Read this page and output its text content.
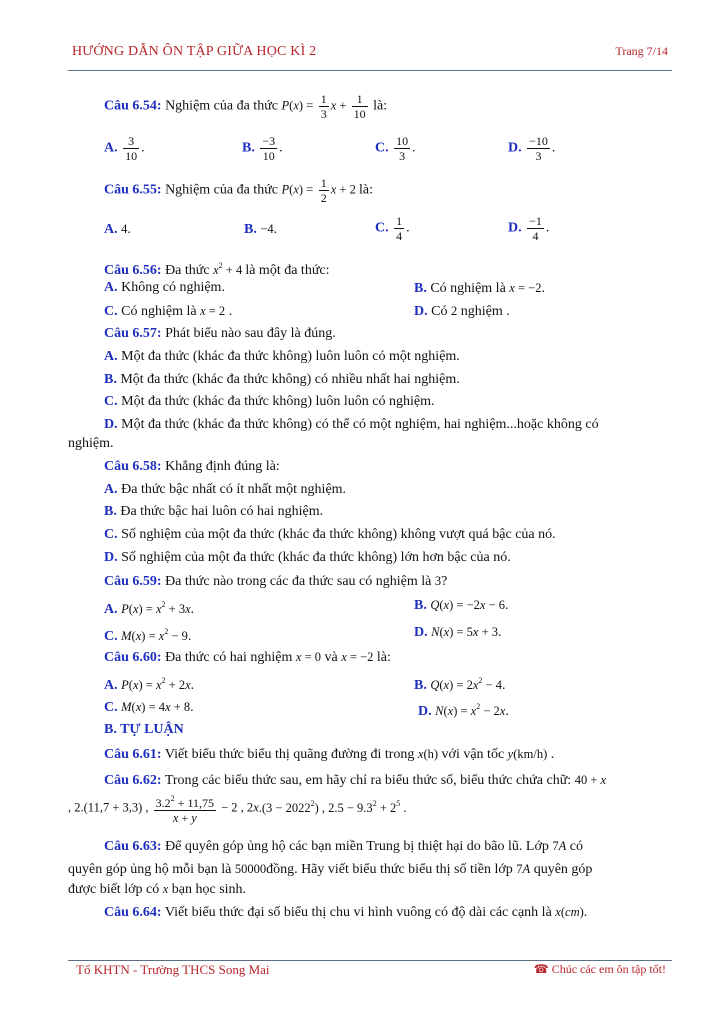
HƯỚNG DẪN ÔN TẬP GIỮA HỌC KÌ 2	Trang 7/14
Câu 6.54: Nghiệm của đa thức $P(x) = \frac{1}{3}$ $x + \frac{1}{10}$ là:
A. $\frac{3}{10}$ .	B. $\frac{-3}{10}$ .	C. $\frac{10}{3}$ .	D. $\frac{-10}{3}$ .
Câu 6.55: Nghiệm của đa thức $P(x) = \frac{1}{2}$ x + 2 là:
A. 4.	B. −4.	C. $\frac{1}{4}$ .	D. $\frac{-1}{4}$ .
Câu 6.56: Đa thức $x^2 + 4$ là một đa thức:
A. Không có nghiệm.	B. Có nghiệm là x = −2.
C. Có nghiệm là x = 2 .	D. Có 2 nghiệm .
Câu 6.57: Phát biểu nào sau đây là đúng.
A. Một đa thức (khác đa thức không) luôn luôn có một nghiệm.
B. Một đa thức (khác đa thức không) có nhiều nhất hai nghiệm.
C. Một đa thức (khác đa thức không) luôn luôn có nghiệm.
D. Một đa thức (khác đa thức không) có thể có một nghiệm, hai nghiệm...hoặc không có
nghiệm.
Câu 6.58: Khẳng định đúng là:
A. Đa thức bậc nhất có ít nhất một nghiệm.
B. Đa thức bậc hai luôn có hai nghiệm.
C. Số nghiệm của một đa thức (khác đa thức không) không vượt quá bậc của nó.
D. Số nghiệm của một đa thức (khác đa thức không) lớn hơn bậc của nó.
Câu 6.59: Đa thức nào trong các đa thức sau có nghiệm là 3?
A. $P(x) = x^2 + 3x$.	B. Q(x) = −2x − 6.
C. $M(x) = x^2 - 9$.	D. N(x) = 5x + 3.
Câu 6.60: Đa thức có hai nghiệm x = 0 và x = −2 là:
A. $P(x) = x^2 + 2x$.	B. $Q(x) = 2x^2 - 4$.
C. M(x) = 4x + 8.	D. $N(x) = x^2 - 2x$.
B. TỰ LUẬN
Câu 6.61: Viết biểu thức biểu thị quãng đường đi trong x(h) với vận tốc y(km/h) .
Câu 6.62: Trong các biểu thức sau, em hãy chỉ ra biểu thức số, biểu thức chứa chữ: 40 + x
, 2.(11,7 + 3,3) , $\frac{3.2^2 + 11,75}{x + y} - 2$ , $2x.(3 - 2022^2)$ , $2.5 - 9.3^2 + 2^5$ .
Câu 6.63: Để quyên góp ủng hộ các bạn miền Trung bị thiệt hại do bão lũ. Lớp 7A có
quyên góp ủng hộ mỗi bạn là 50000đồng. Hãy viết biểu thức biểu thị số tiền lớp 7A quyên góp
được biết lớp có x bạn học sinh.
Câu 6.64: Viết biểu thức đại số biểu thị chu vi hình vuông có độ dài các cạnh là x(cm).
Tổ KHTN - Trường THCS Song Mai	☎ Chúc các em ôn tập tốt!
